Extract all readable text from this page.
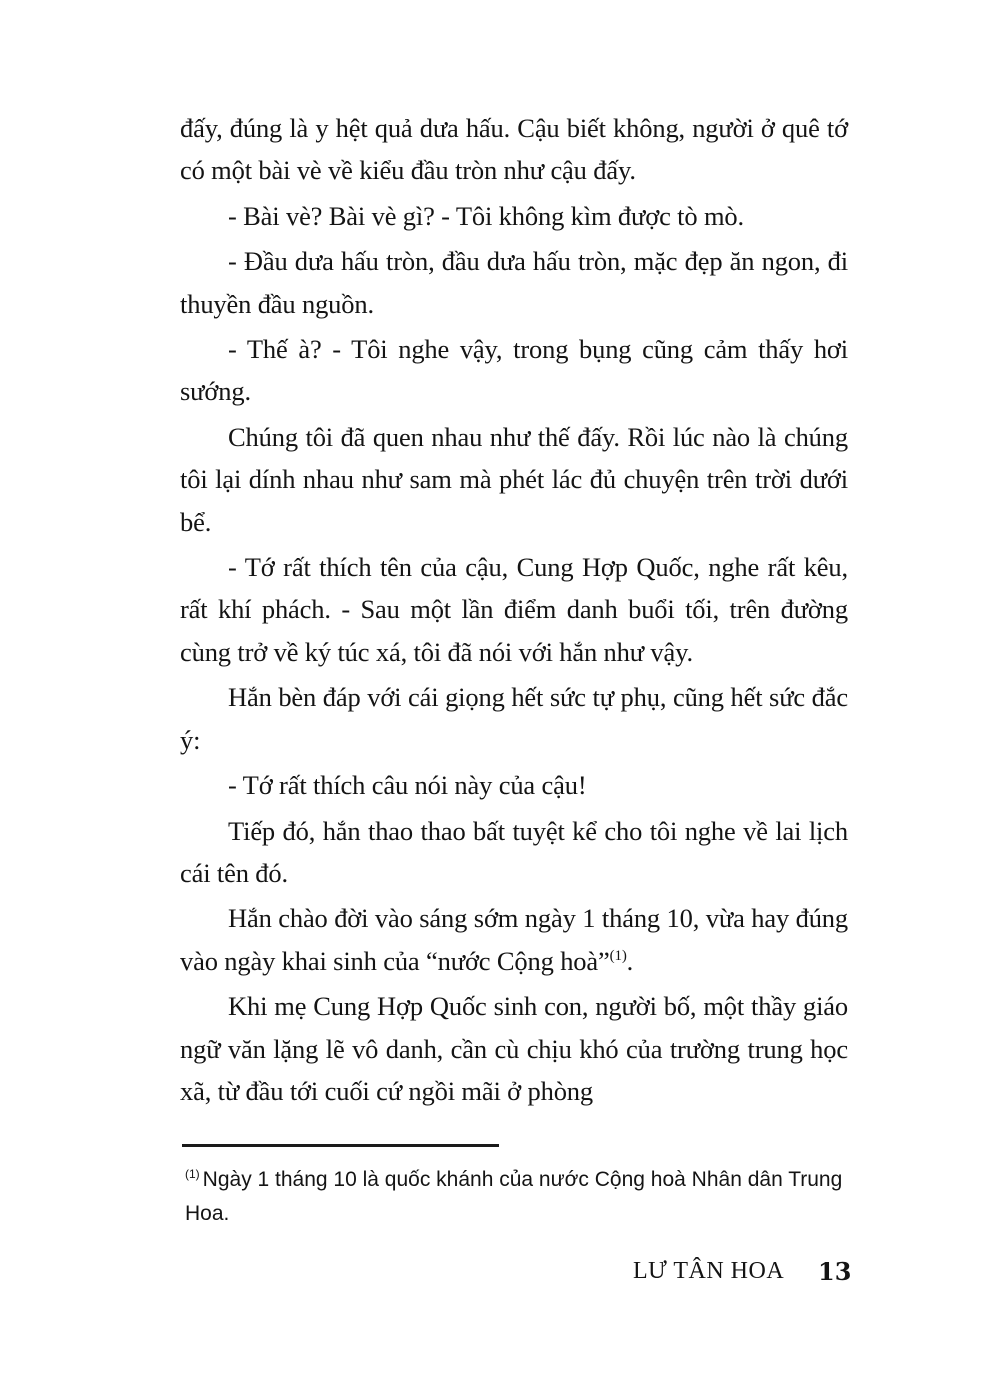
đấy, đúng là y hệt quả dưa hấu. Cậu biết không, người ở quê tớ có một bài vè về kiểu đầu tròn như cậu đấy.

- Bài vè? Bài vè gì? - Tôi không kìm được tò mò.

- Đầu dưa hấu tròn, đầu dưa hấu tròn, mặc đẹp ăn ngon, đi thuyền đầu nguồn.

- Thế à? - Tôi nghe vậy, trong bụng cũng cảm thấy hơi sướng.

Chúng tôi đã quen nhau như thế đấy. Rồi lúc nào là chúng tôi lại dính nhau như sam mà phét lác đủ chuyện trên trời dưới bể.

- Tớ rất thích tên của cậu, Cung Hợp Quốc, nghe rất kêu, rất khí phách. - Sau một lần điểm danh buổi tối, trên đường cùng trở về ký túc xá, tôi đã nói với hắn như vậy.

Hắn bèn đáp với cái giọng hết sức tự phụ, cũng hết sức đắc ý:

- Tớ rất thích câu nói này của cậu!

Tiếp đó, hắn thao thao bất tuyệt kể cho tôi nghe về lai lịch cái tên đó.

Hắn chào đời vào sáng sớm ngày 1 tháng 10, vừa hay đúng vào ngày khai sinh của “nước Cộng hoà”$^{(1)}$.

Khi mẹ Cung Hợp Quốc sinh con, người bố, một thầy giáo ngữ văn lặng lẽ vô danh, cần cù chịu khó của trường trung học xã, từ đầu tới cuối cứ ngồi mãi ở phòng

$^{(1)}$ Ngày 1 tháng 10 là quốc khánh của nước Cộng hoà Nhân dân Trung Hoa.
LƯ TÂN HOA 13
